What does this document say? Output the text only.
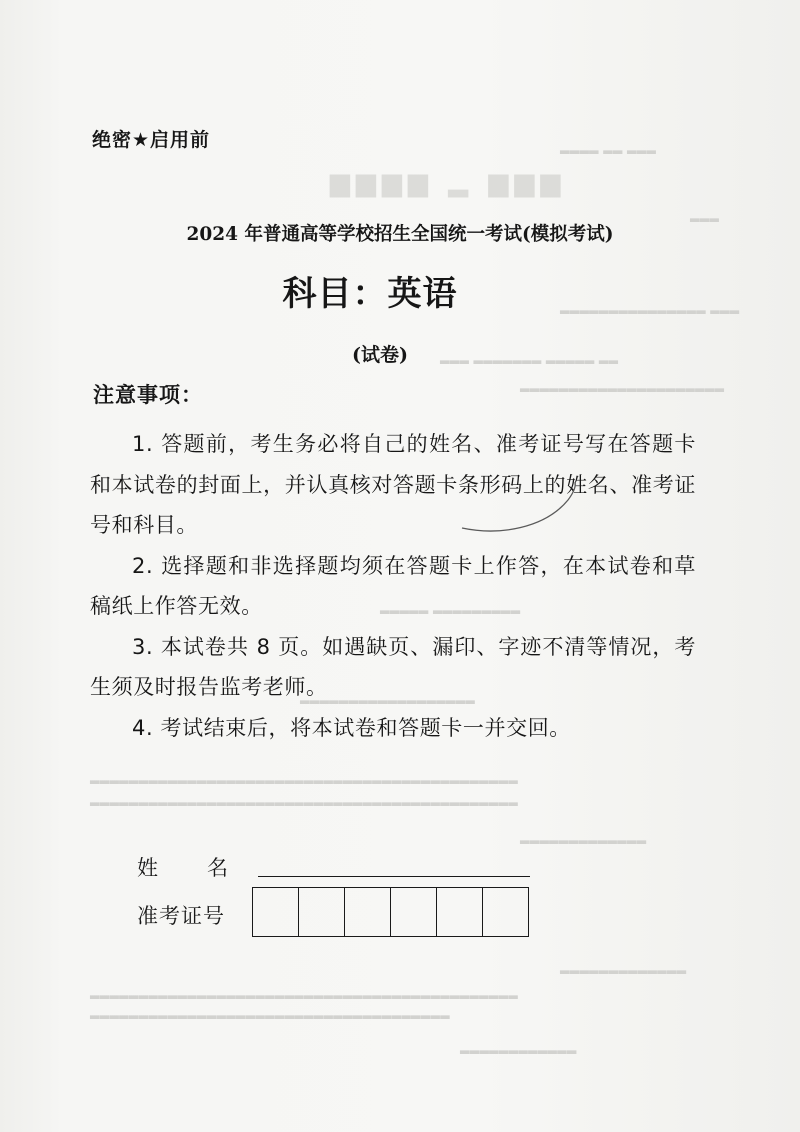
▂▂▂▂ ▂▂ ▂▂▂
▆▆▆▆ ▂ ▆▆▆
▂▂▂
▂▂▂▂▂▂▂▂▂▂▂▂▂▂▂ ▂▂▂
▂▂▂ ▂▂▂▂▂▂▂ ▂▂▂▂▂ ▂▂
▂▂▂▂▂▂▂▂▂▂▂▂▂▂▂▂▂▂▂▂▂
▂▂▂▂▂ ▂▂▂▂▂▂▂▂▂
▂▂▂▂▂▂▂▂▂▂▂▂▂▂▂▂▂▂
▂▂▂▂▂▂▂▂▂▂▂▂▂▂▂▂▂▂▂▂▂▂▂▂▂▂▂▂▂▂▂▂▂▂▂▂▂▂▂▂▂▂▂▂
▂▂▂▂▂▂▂▂▂▂▂▂▂▂▂▂▂▂▂▂▂▂▂▂▂▂▂▂▂▂▂▂▂▂▂▂▂▂▂▂▂▂▂▂
▂▂▂▂▂▂▂▂▂▂▂▂▂
▂▂▂▂▂▂▂▂▂▂▂▂▂
▂▂▂▂▂▂▂▂▂▂▂▂▂▂▂▂▂▂▂▂▂▂▂▂▂▂▂▂▂▂▂▂▂▂▂▂▂▂▂▂▂▂▂▂
▂▂▂▂▂▂▂▂▂▂▂▂▂▂▂▂▂▂▂▂▂▂▂▂▂▂▂▂▂▂▂▂▂▂▂▂▂
▂▂▂▂▂▂▂▂▂▂▂▂
绝密★启用前
2024 年普通高等学校招生全国统一考试(模拟考试)
科目：英语
(试卷)
注意事项：

1. 答题前，考生务必将自己的姓名、准考证号写在答题卡和本试卷的封面上，并认真核对答题卡条形码上的姓名、准考证号和科目。

2. 选择题和非选择题均须在答题卡上作答，在本试卷和草稿纸上作答无效。

3. 本试卷共 8 页。如遇缺页、漏印、字迹不清等情况，考生须及时报告监考老师。

4. 考试结束后，将本试卷和答题卡一并交回。

姓 名
准考证号
